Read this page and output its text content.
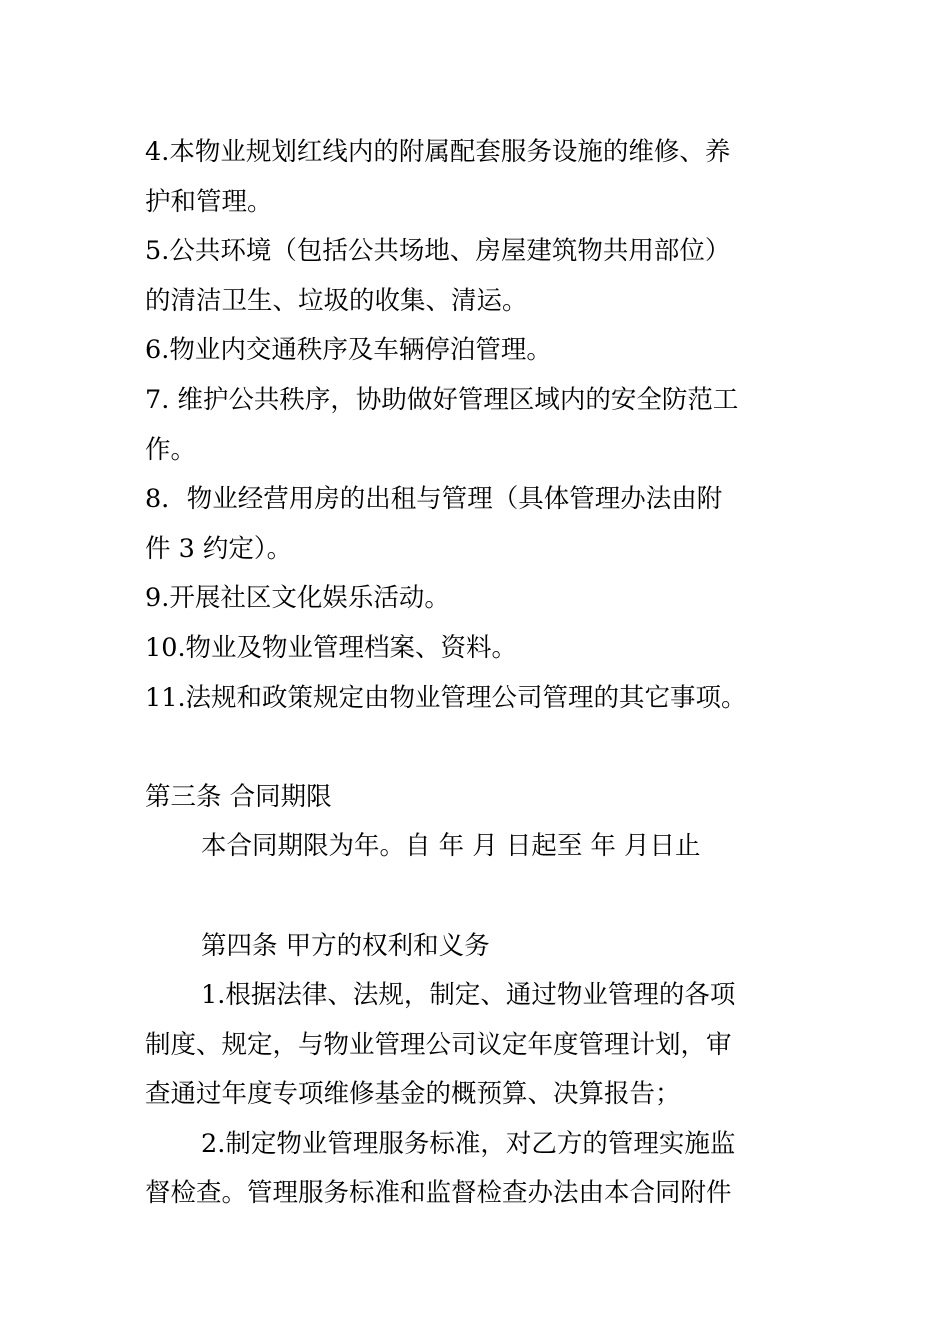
4.本物业规划红线内的附属配套服务设施的维修、养
护和管理。
5.公共环境（包括公共场地、房屋建筑物共用部位）
的清洁卫生、垃圾的收集、清运。
6.物业内交通秩序及车辆停泊管理。
7. 维护公共秩序，协助做好管理区域内的安全防范工
作。
8．物业经营用房的出租与管理（具体管理办法由附
件 3 约定）。
9.开展社区文化娱乐活动。
10.物业及物业管理档案、资料。
11.法规和政策规定由物业管理公司管理的其它事项。
第三条 合同期限
本合同期限为年。自 年 月 日起至 年 月日止
第四条 甲方的权利和义务
1.根据法律、法规，制定、通过物业管理的各项
制度、规定，与物业管理公司议定年度管理计划，审
查通过年度专项维修基金的概预算、决算报告；
2.制定物业管理服务标准，对乙方的管理实施监
督检查。管理服务标准和监督检查办法由本合同附件
